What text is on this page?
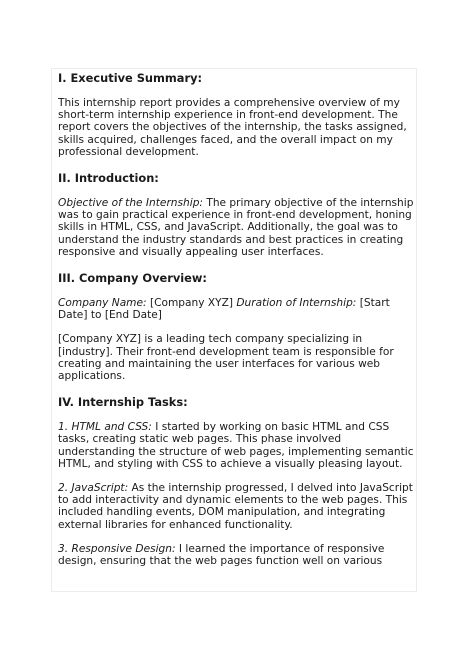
I. Executive Summary:

This internship report provides a comprehensive overview of my short-term internship experience in front-end development. The report covers the objectives of the internship, the tasks assigned, skills acquired, challenges faced, and the overall impact on my professional development.

II. Introduction:

Objective of the Internship: The primary objective of the internship was to gain practical experience in front-end development, honing skills in HTML, CSS, and JavaScript. Additionally, the goal was to understand the industry standards and best practices in creating responsive and visually appealing user interfaces.

III. Company Overview:

Company Name: [Company XYZ] Duration of Internship: [Start Date] to [End Date]

[Company XYZ] is a leading tech company specializing in [industry]. Their front-end development team is responsible for creating and maintaining the user interfaces for various web applications.

IV. Internship Tasks:

1. HTML and CSS: I started by working on basic HTML and CSS tasks, creating static web pages. This phase involved understanding the structure of web pages, implementing semantic HTML, and styling with CSS to achieve a visually pleasing layout.

2. JavaScript: As the internship progressed, I delved into JavaScript to add interactivity and dynamic elements to the web pages. This included handling events, DOM manipulation, and integrating external libraries for enhanced functionality.

3. Responsive Design: I learned the importance of responsive design, ensuring that the web pages function well on various
